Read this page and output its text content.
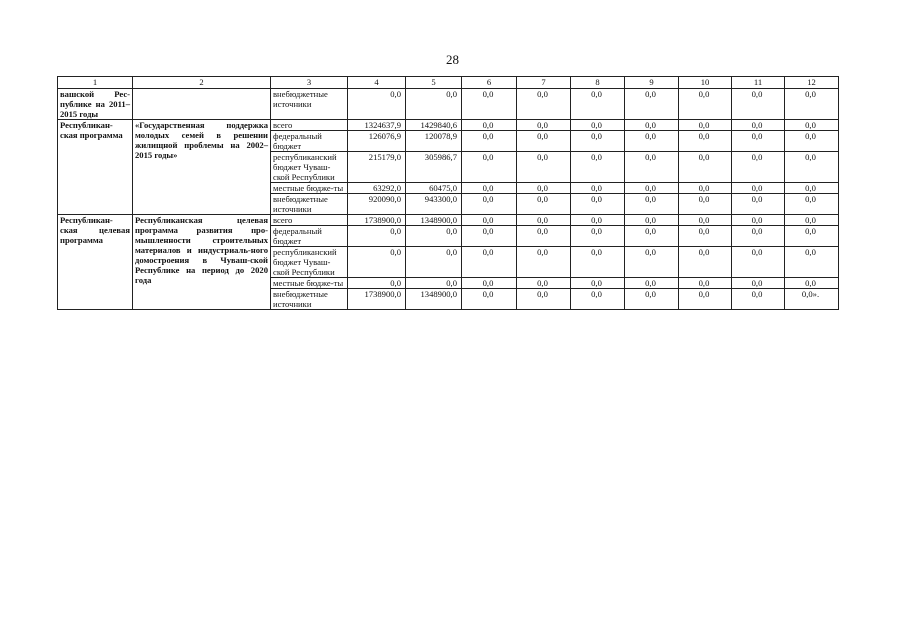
28
1	2	3	4	5	6	7	8	9	10	11	12
вашской Рес-публике на 2011–2015 годы		внебюджетные источники	0,0	0,0	0,0	0,0	0,0	0,0	0,0	0,0	0,0
Республикан-ская программа	«Государственная поддержка молодых семей в решении жилищной проблемы на 2002–2015 годы»	всего	1324637,9	1429840,6	0,0	0,0	0,0	0,0	0,0	0,0	0,0
		федеральный бюджет	126076,9	120078,9	0,0	0,0	0,0	0,0	0,0	0,0	0,0
		республиканский бюджет Чуваш-ской Республики	215179,0	305986,7	0,0	0,0	0,0	0,0	0,0	0,0	0,0
		местные бюдже-ты	63292,0	60475,0	0,0	0,0	0,0	0,0	0,0	0,0	0,0
		внебюджетные источники	920090,0	943300,0	0,0	0,0	0,0	0,0	0,0	0,0	0,0
Республикан-ская целевая программа	Республиканская целевая программа развития про-мышленности строительных материалов и индустриаль-ного домостроения в Чуваш-ской Республике на период до 2020 года	всего	1738900,0	1348900,0	0,0	0,0	0,0	0,0	0,0	0,0	0,0
		федеральный бюджет	0,0	0,0	0,0	0,0	0,0	0,0	0,0	0,0	0,0
		республиканский бюджет Чуваш-ской Республики	0,0	0,0	0,0	0,0	0,0	0,0	0,0	0,0	0,0
		местные бюдже-ты	0,0	0,0	0,0	0,0	0,0	0,0	0,0	0,0	0,0
		внебюджетные источники	1738900,0	1348900,0	0,0	0,0	0,0	0,0	0,0	0,0	0,0».
